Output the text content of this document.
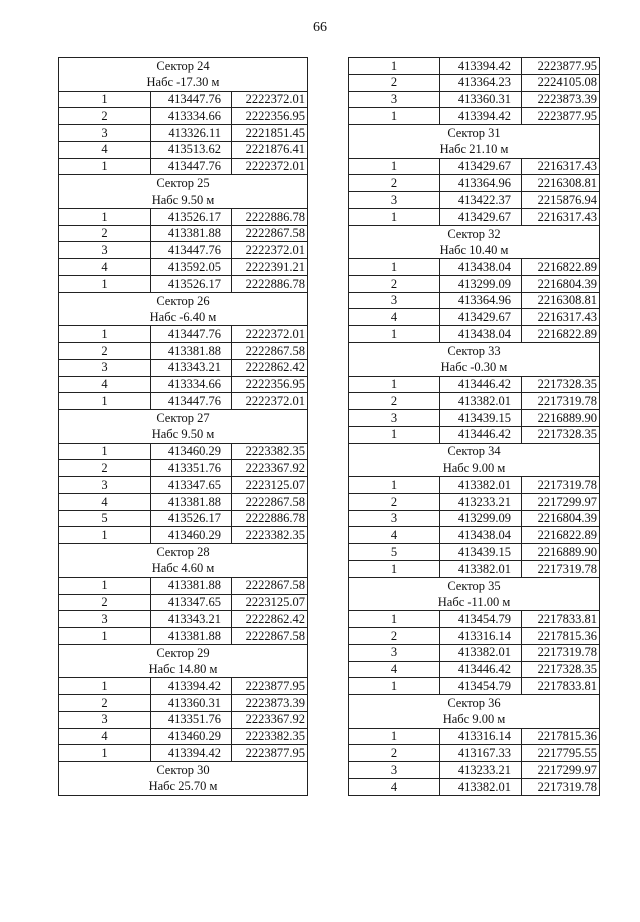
66
Сектор 24		
Набс -17.30 м		
1	413447.76	2222372.01
2	413334.66	2222356.95
3	413326.11	2221851.45
4	413513.62	2221876.41
1	413447.76	2222372.01
Сектор 25		
Набс 9.50 м		
1	413526.17	2222886.78
2	413381.88	2222867.58
3	413447.76	2222372.01
4	413592.05	2222391.21
1	413526.17	2222886.78
Сектор 26		
Набс -6.40 м		
1	413447.76	2222372.01
2	413381.88	2222867.58
3	413343.21	2222862.42
4	413334.66	2222356.95
1	413447.76	2222372.01
Сектор 27		
Набс 9.50 м		
1	413460.29	2223382.35
2	413351.76	2223367.92
3	413347.65	2223125.07
4	413381.88	2222867.58
5	413526.17	2222886.78
1	413460.29	2223382.35
Сектор 28		
Набс 4.60 м		
1	413381.88	2222867.58
2	413347.65	2223125.07
3	413343.21	2222862.42
1	413381.88	2222867.58
Сектор 29		
Набс 14.80 м		
1	413394.42	2223877.95
2	413360.31	2223873.39
3	413351.76	2223367.92
4	413460.29	2223382.35
1	413394.42	2223877.95
Сектор 30		
Набс 25.70 м		
1	413394.42	2223877.95
2	413364.23	2224105.08
3	413360.31	2223873.39
1	413394.42	2223877.95
Сектор 31		
Набс 21.10 м		
1	413429.67	2216317.43
2	413364.96	2216308.81
3	413422.37	2215876.94
1	413429.67	2216317.43
Сектор 32		
Набс 10.40 м		
1	413438.04	2216822.89
2	413299.09	2216804.39
3	413364.96	2216308.81
4	413429.67	2216317.43
1	413438.04	2216822.89
Сектор 33		
Набс -0.30 м		
1	413446.42	2217328.35
2	413382.01	2217319.78
3	413439.15	2216889.90
1	413446.42	2217328.35
Сектор 34		
Набс 9.00 м		
1	413382.01	2217319.78
2	413233.21	2217299.97
3	413299.09	2216804.39
4	413438.04	2216822.89
5	413439.15	2216889.90
1	413382.01	2217319.78
Сектор 35		
Набс -11.00 м		
1	413454.79	2217833.81
2	413316.14	2217815.36
3	413382.01	2217319.78
4	413446.42	2217328.35
1	413454.79	2217833.81
Сектор 36		
Набс 9.00 м		
1	413316.14	2217815.36
2	413167.33	2217795.55
3	413233.21	2217299.97
4	413382.01	2217319.78
